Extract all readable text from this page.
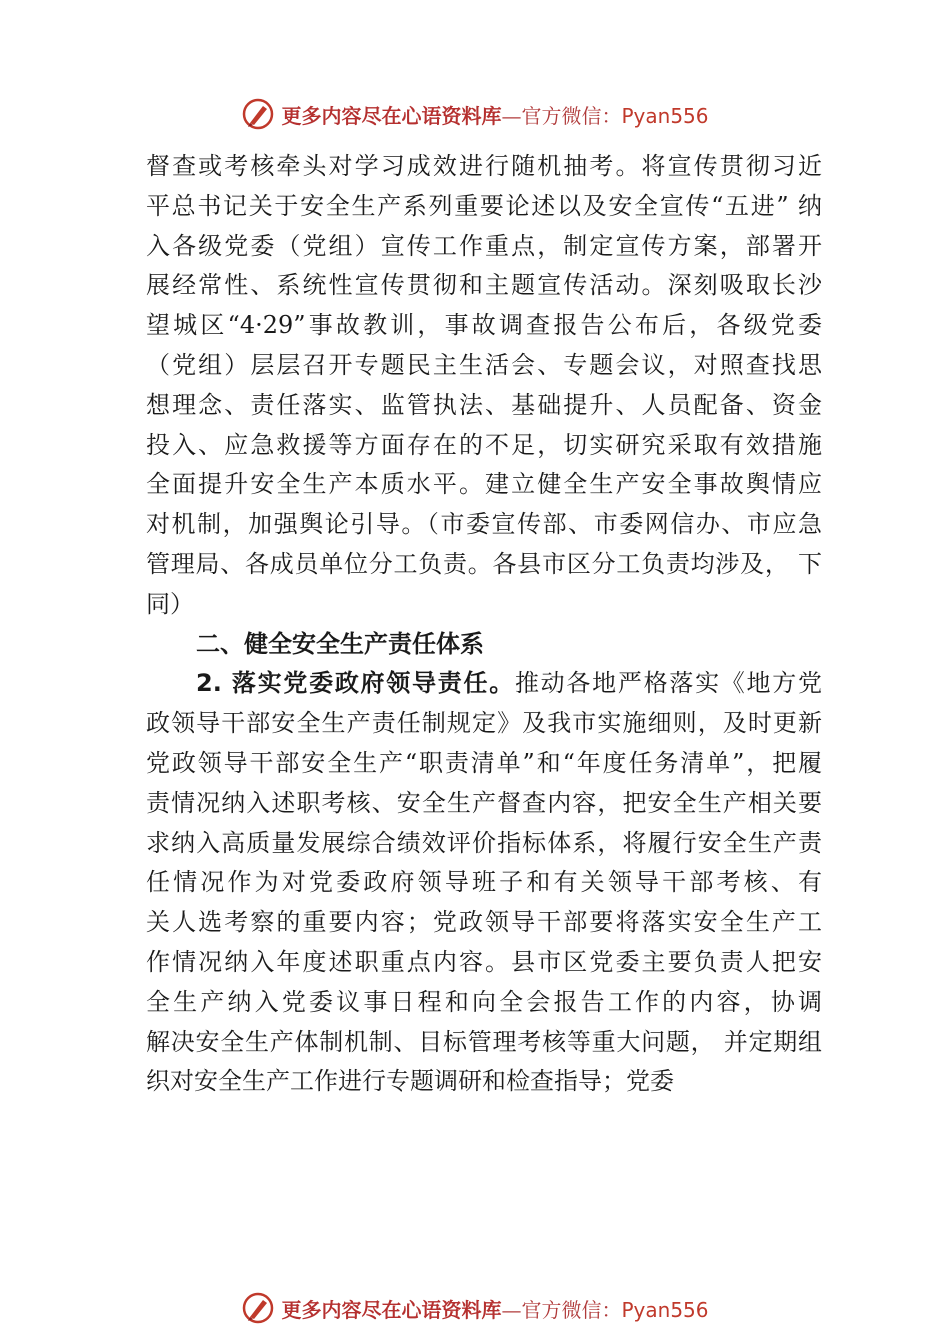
更多内容尽在心语资料库—官方微信：Pyan556
督查或考核牵头对学习成效进行随机抽考。将宣传贯彻习近
平总书记关于安全生产系列重要论述以及安全宣传“五进” 纳
入各级党委（党组）宣传工作重点，制定宣传方案，部署开
展经常性、系统性宣传贯彻和主题宣传活动。深刻吸取长沙
望城区“4·29”事故教训，事故调查报告公布后，各级党委
（党组）层层召开专题民主生活会、专题会议，对照查找思
想理念、责任落实、监管执法、基础提升、人员配备、资金
投入、应急救援等方面存在的不足，切实研究采取有效措施
全面提升安全生产本质水平。建立健全生产安全事故舆情应
对机制，加强舆论引导。（市委宣传部、市委网信办、市应急
管理局、各成员单位分工负责。各县市区分工负责均涉及， 下
同）
二、健全安全生产责任体系
2. 落实党委政府领导责任。推动各地严格落实《地方党
政领导干部安全生产责任制规定》及我市实施细则，及时更新
党政领导干部安全生产“职责清单”和“年度任务清单”，把履
责情况纳入述职考核、安全生产督查内容，把安全生产相关要
求纳入高质量发展综合绩效评价指标体系，将履行安全生产责
任情况作为对党委政府领导班子和有关领导干部考核、有
关人选考察的重要内容；党政领导干部要将落实安全生产工
作情况纳入年度述职重点内容。县市区党委主要负责人把安
全生产纳入党委议事日程和向全会报告工作的内容，协调
解决安全生产体制机制、目标管理考核等重大问题， 并定期组
织对安全生产工作进行专题调研和检查指导；党委
更多内容尽在心语资料库—官方微信：Pyan556
